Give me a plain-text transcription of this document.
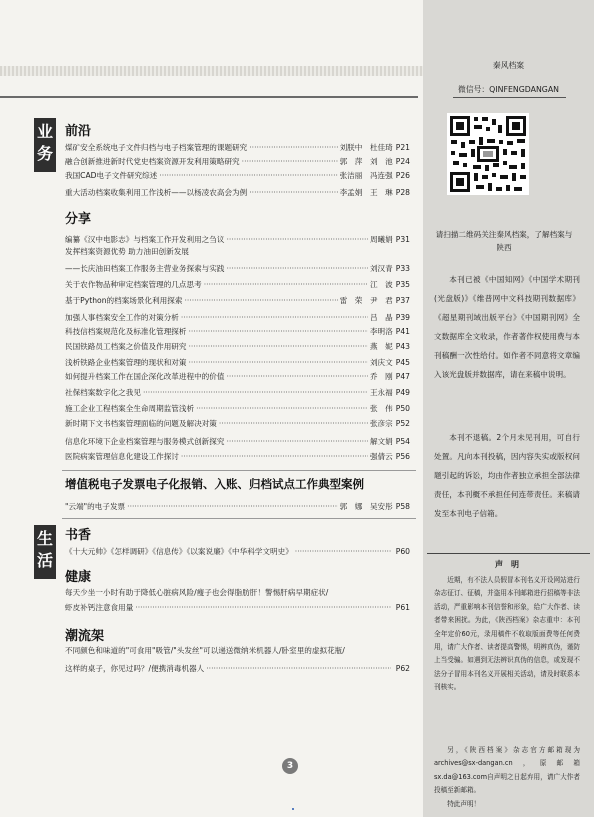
业
务
前沿
煤矿安全系统电子文件归档与电子档案管理的课题研究 ·····	刘朕中　杜佳琦 P21
融合创新推进新时代党史档案资源开发利用策略研究 ·····	郭　萍　刘　池 P24
我国CAD电子文件研究综述 ·····	张洁丽　冯连强 P26
重大活动档案收集利用工作浅析——以杨凌农高会为例 ·····	李孟娟　王　琳 P28
分享
编纂《汉中电影志》与档案工作开发利用之刍议 ·····	周曦娟 P31
发挥档案资源优势 助力油田创新发展
——长庆油田档案工作服务主营业务探索与实践 ·····	刘汉青 P33
关于农作物品种审定档案管理的几点思考 ·····	江　波 P35
基于Python的档案场景化利用探索 ·····	雷　荣　尹　君 P37
加强人事档案安全工作的对策分析 ·····	吕　晶 P39
科技信档案规范化及标准化管理探析 ·····	李明洛 P41
民国铁路员工档案之价值及作用研究 ·····	燕　妮 P43
浅析铁路企业档案管理的现状和对策 ·····	刘庆文 P45
如何提升档案工作在国企深化改革进程中的价值 ·····	乔　刚 P47
社保档案数字化之我见 ·····	王永福 P49
施工企业工程档案全生命周期监管浅析 ·····	张　伟 P50
新时期下文书档案管理面临的问题及解决对策 ·····	张彦宗 P52
信息化环境下企业档案管理与服务模式创新探究 ·····	解文娟 P54
医院病案管理信息化建设工作探讨 ·····	强倩云 P56
增值税电子发票电子化报销、入账、归档试点工作典型案例
"云端"的电子发票 ·····	郭　娜　吴安彤 P58
生
活
书香
《十大元帅》《怎样调研》《信息传》《以案说廉》《中华科学文明史》 ·····	P60
健康
每天少坐一小时有助于降低心脏病风险/瘦子也会得脂肪肝！警惕肝病早期症状/
虾皮补钙注意食用量 ·····	P61
潮流架
不同颜色和味道的"可食用"吸管/"头发丝"可以递送微纳米机器人/卧室里的虚拟花瓶/
这样的桌子，你见过吗？/便携消毒机器人 ·····	P62
秦风档案
微信号：QINFENGDANGAN
请扫描二维码关注秦风档案，了解档案与陕西
本刊已被《中国知网》《中国学术期刊(光盘版)》《维普网中文科技期刊数据库》《超星期刊域出版平台》《中国期刊网》全文数据库全文收录，作者著作权使用费与本刊稿酬一次性给付。如作者不同意将文章编入该光盘版并数据库，请在来稿中说明。
本刊不退稿。2个月未见刊用，可自行处置。凡向本刊投稿，因内容失实或版权问题引起的诉讼，均由作者独立承担全部法律责任，本刊概不承担任何连带责任。来稿请发至本刊电子信箱。
声　明
近期，有不法人员假冒本刊名义开设网站进行杂志征订、征稿，并盗用本刊邮箱进行招稿等非法活动，严重影响本刊信誉和形象，给广大作者、读者带来困扰。为此，《陕西档案》杂志重申：本刊全年定价60元，录用稿件不收取版面费等任何费用，请广大作者、读者提高警惕，明辨真伪，谨防上当受骗。如遇到无法辨识真伪的信息，或发现不法分子冒用本刊名义开展相关活动，请及时联系本刊核实。
另，《陕西档案》杂志官方邮箱现为archives@sx-dangan.cn，原邮箱sx.da@163.com自声明之日起弃用，请广大作者投稿至新邮箱。
特此声明！
3
